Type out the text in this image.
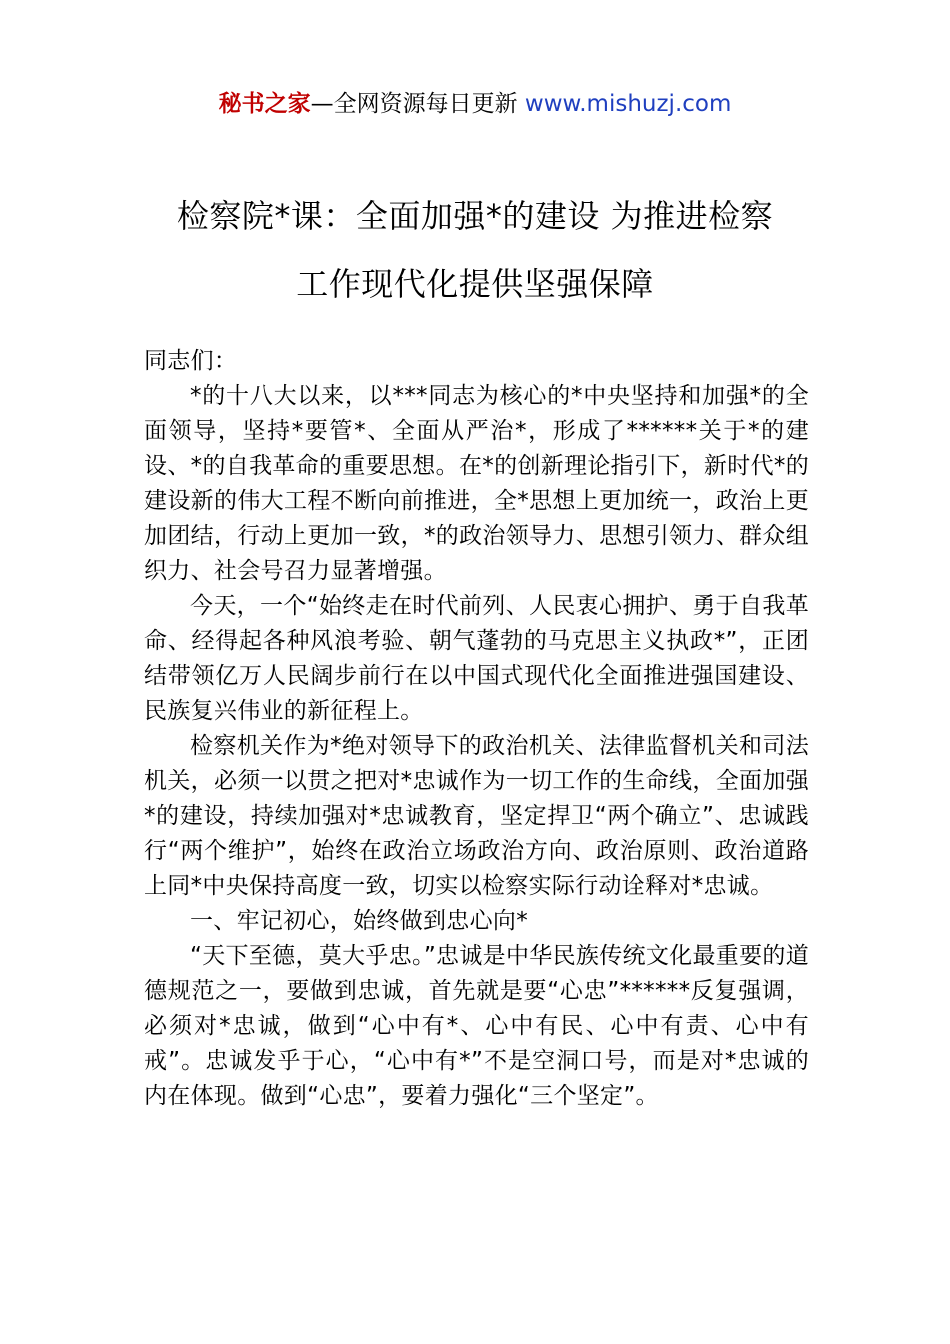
秘书之家—全网资源每日更新 www.mishuzj.com
检察院*课：全面加强*的建设 为推进检察
工作现代化提供坚强保障

同志们：

*的十八大以来，以***同志为核心的*中央坚持和加强*的全面领导，坚持*要管*、全面从严治*，形成了******关于*的建设、*的自我革命的重要思想。在*的创新理论指引下，新时代*的建设新的伟大工程不断向前推进，全*思想上更加统一，政治上更加团结，行动上更加一致，*的政治领导力、思想引领力、群众组织力、社会号召力显著增强。

今天，一个“始终走在时代前列、人民衷心拥护、勇于自我革命、经得起各种风浪考验、朝气蓬勃的马克思主义执政*”，正团结带领亿万人民阔步前行在以中国式现代化全面推进强国建设、民族复兴伟业的新征程上。

检察机关作为*绝对领导下的政治机关、法律监督机关和司法机关，必须一以贯之把对*忠诚作为一切工作的生命线，全面加强*的建设，持续加强对*忠诚教育，坚定捍卫“两个确立”、忠诚践行“两个维护”，始终在政治立场政治方向、政治原则、政治道路上同*中央保持高度一致，切实以检察实际行动诠释对*忠诚。

一、牢记初心，始终做到忠心向*

“天下至德，莫大乎忠。”忠诚是中华民族传统文化最重要的道德规范之一，要做到忠诚，首先就是要“心忠”******反复强调，必须对*忠诚，做到“心中有*、心中有民、心中有责、心中有戒”。忠诚发乎于心，“心中有*”不是空洞口号，而是对*忠诚的内在体现。做到“心忠”，要着力强化“三个坚定”。
